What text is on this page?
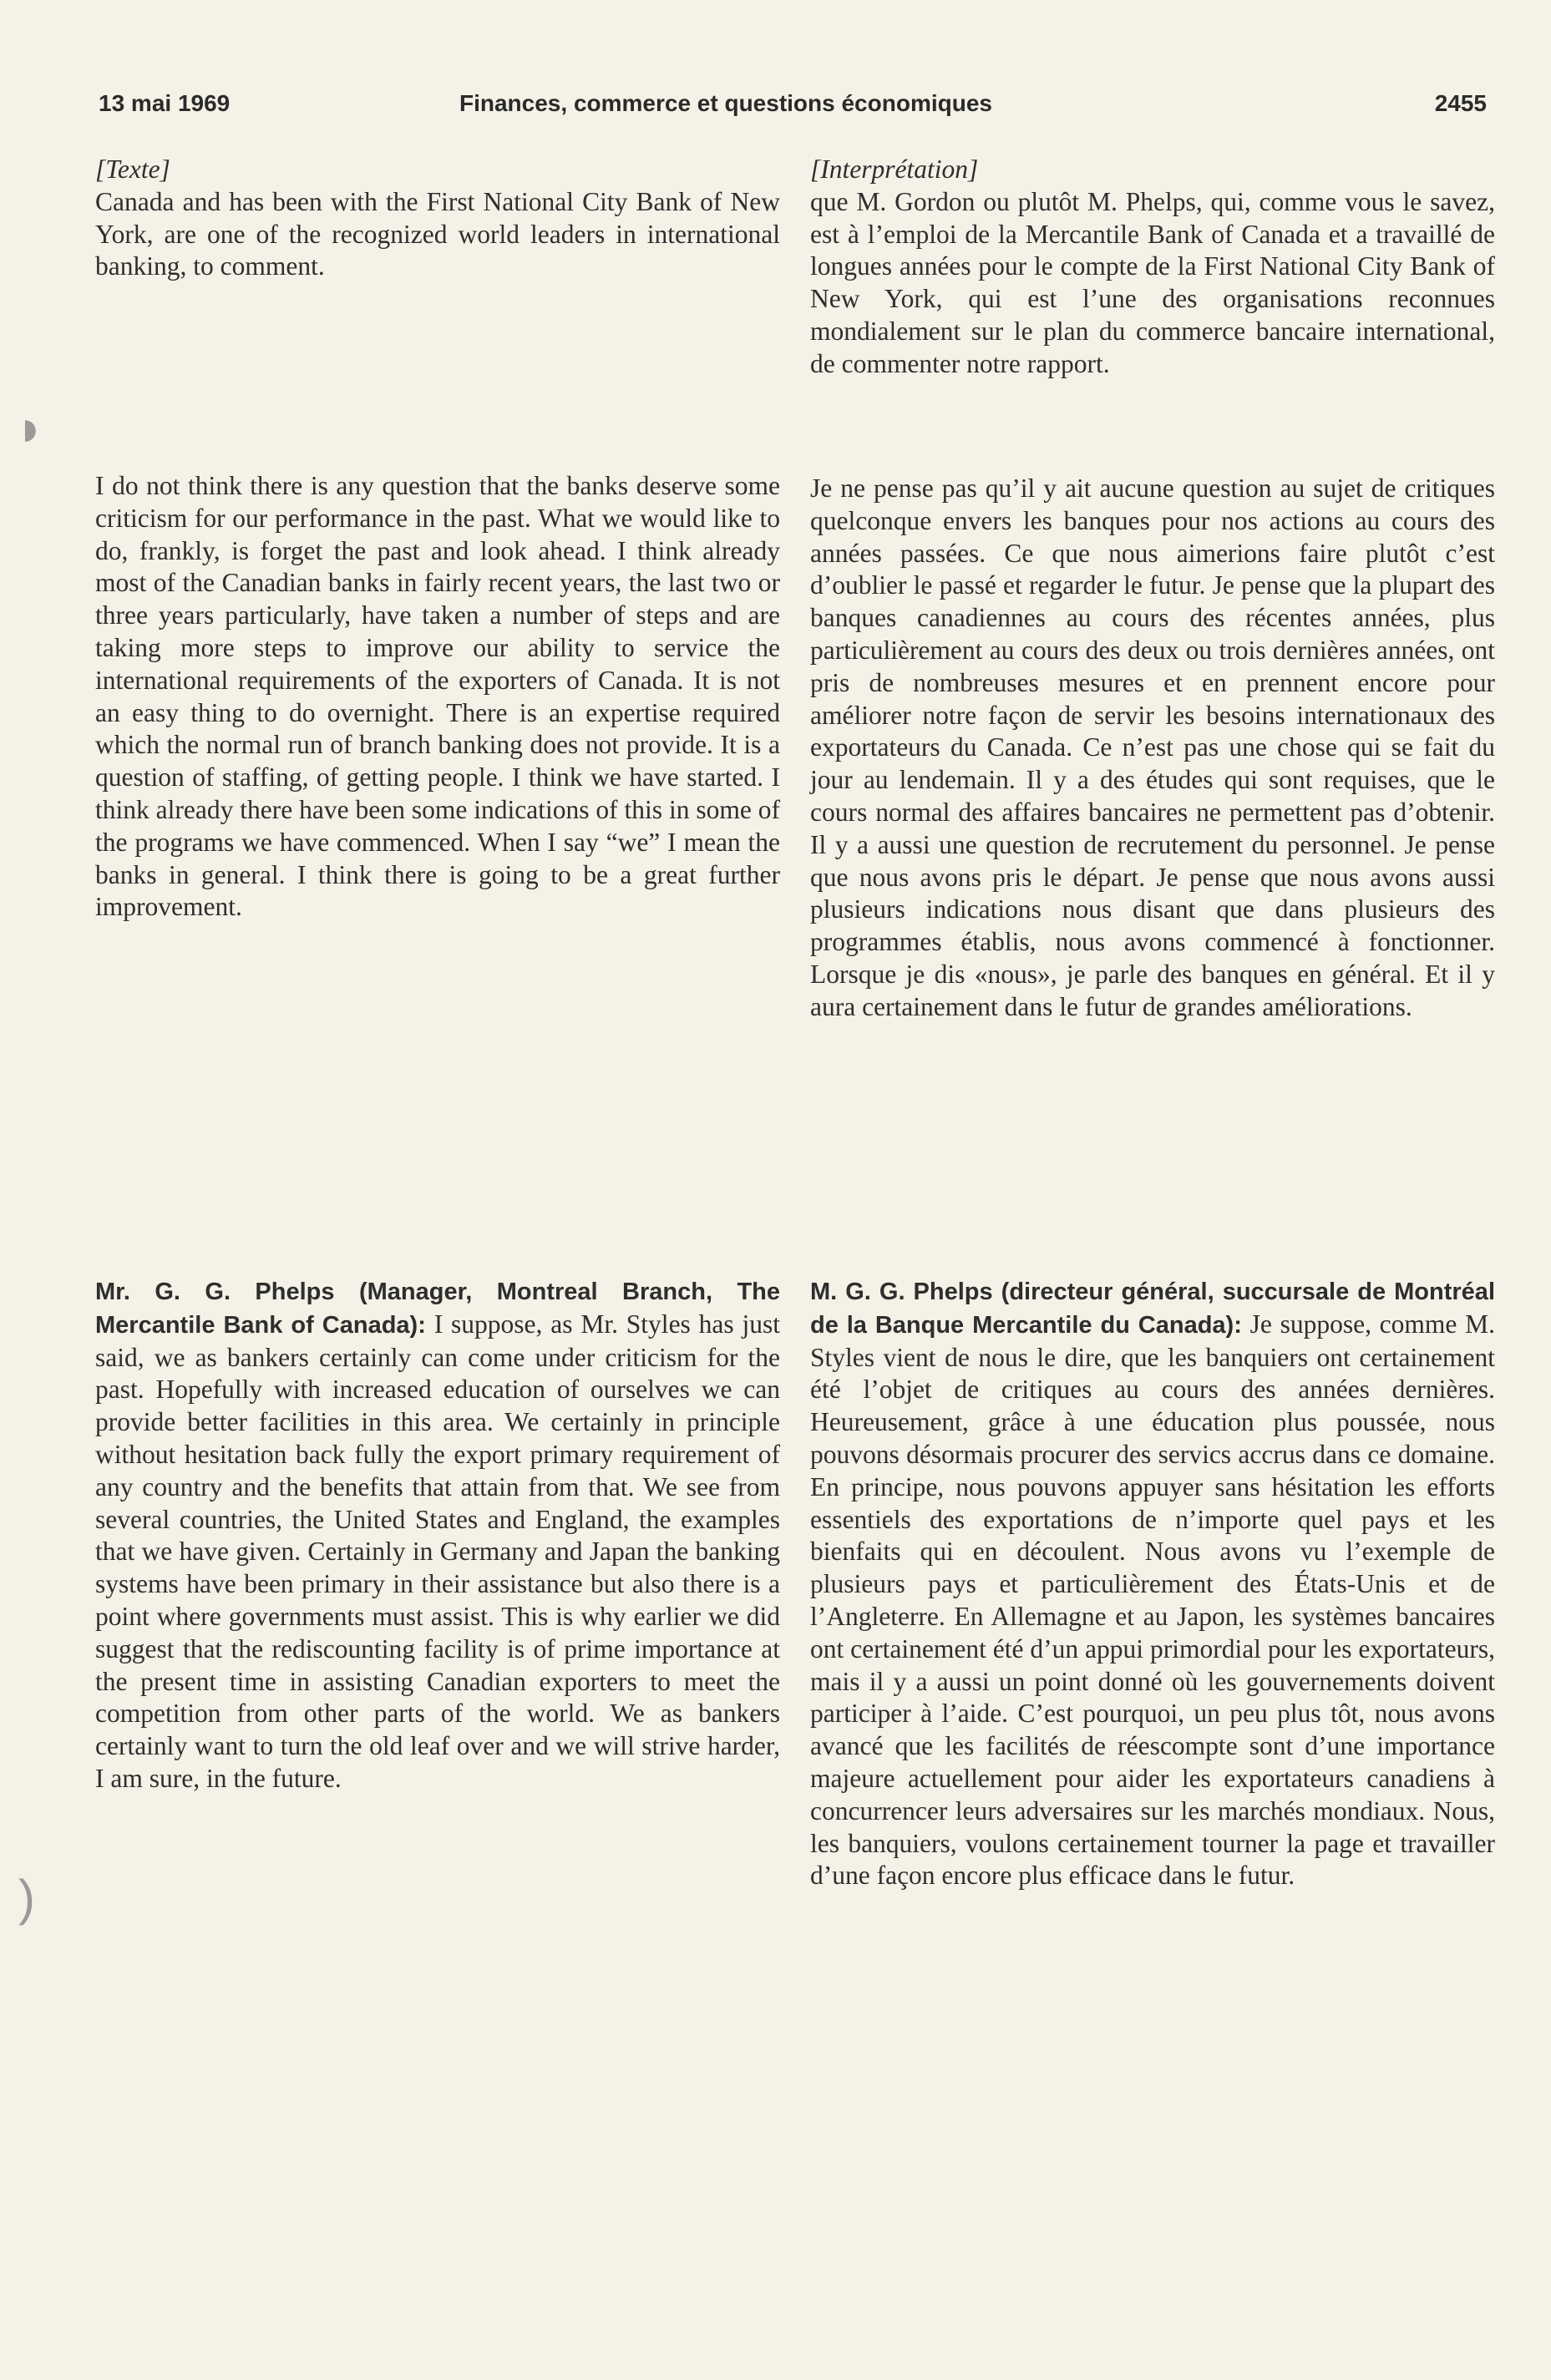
13 mai 1969	Finances, commerce et questions économiques	2455
◗
)

[Texte]

Canada and has been with the First National City Bank of New York, are one of the recognized world leaders in international banking, to comment.

I do not think there is any question that the banks deserve some criticism for our performance in the past. What we would like to do, frankly, is forget the past and look ahead. I think already most of the Canadian banks in fairly recent years, the last two or three years particularly, have taken a number of steps and are taking more steps to improve our ability to service the international requirements of the exporters of Canada. It is not an easy thing to do overnight. There is an expertise required which the normal run of branch banking does not provide. It is a question of staffing, of getting people. I think we have started. I think already there have been some indications of this in some of the programs we have commenced. When I say “we” I mean the banks in general. I think there is going to be a great further improvement.

Mr. G. G. Phelps (Manager, Montreal Branch, The Mercantile Bank of Canada): I suppose, as Mr. Styles has just said, we as bankers certainly can come under criticism for the past. Hopefully with increased education of ourselves we can provide better facilities in this area. We certainly in principle without hesitation back fully the export primary requirement of any country and the benefits that attain from that. We see from several countries, the United States and England, the examples that we have given. Certainly in Germany and Japan the banking systems have been primary in their assistance but also there is a point where governments must assist. This is why earlier we did suggest that the rediscounting facility is of prime importance at the present time in assisting Canadian exporters to meet the competition from other parts of the world. We as bankers certainly want to turn the old leaf over and we will strive harder, I am sure, in the future.

[Interprétation]

que M. Gordon ou plutôt M. Phelps, qui, comme vous le savez, est à l’emploi de la Mercantile Bank of Canada et a travaillé de longues années pour le compte de la First National City Bank of New York, qui est l’une des organisations reconnues mondialement sur le plan du commerce bancaire international, de commenter notre rapport.

Je ne pense pas qu’il y ait aucune question au sujet de critiques quelconque envers les banques pour nos actions au cours des années passées. Ce que nous aimerions faire plutôt c’est d’oublier le passé et regarder le futur. Je pense que la plupart des banques canadiennes au cours des récentes années, plus particulièrement au cours des deux ou trois dernières années, ont pris de nombreuses mesures et en prennent encore pour améliorer notre façon de servir les besoins internationaux des exportateurs du Canada. Ce n’est pas une chose qui se fait du jour au lendemain. Il y a des études qui sont requises, que le cours normal des affaires bancaires ne permettent pas d’obtenir. Il y a aussi une question de recrutement du personnel. Je pense que nous avons pris le départ. Je pense que nous avons aussi plusieurs indications nous disant que dans plusieurs des programmes établis, nous avons commencé à fonctionner. Lorsque je dis «nous», je parle des banques en général. Et il y aura certainement dans le futur de grandes améliorations.

M. G. G. Phelps (directeur général, succursale de Montréal de la Banque Mercantile du Canada): Je suppose, comme M. Styles vient de nous le dire, que les banquiers ont certainement été l’objet de critiques au cours des années dernières. Heureusement, grâce à une éducation plus poussée, nous pouvons désormais procurer des servics accrus dans ce domaine. En principe, nous pouvons appuyer sans hésitation les efforts essentiels des exportations de n’importe quel pays et les bienfaits qui en découlent. Nous avons vu l’exemple de plusieurs pays et particulièrement des États-Unis et de l’Angleterre. En Allemagne et au Japon, les systèmes bancaires ont certainement été d’un appui primordial pour les exportateurs, mais il y a aussi un point donné où les gouvernements doivent participer à l’aide. C’est pourquoi, un peu plus tôt, nous avons avancé que les facilités de réescompte sont d’une importance majeure actuellement pour aider les exportateurs canadiens à concurrencer leurs adversaires sur les marchés mondiaux. Nous, les banquiers, voulons certainement tourner la page et travailler d’une façon encore plus efficace dans le futur.
